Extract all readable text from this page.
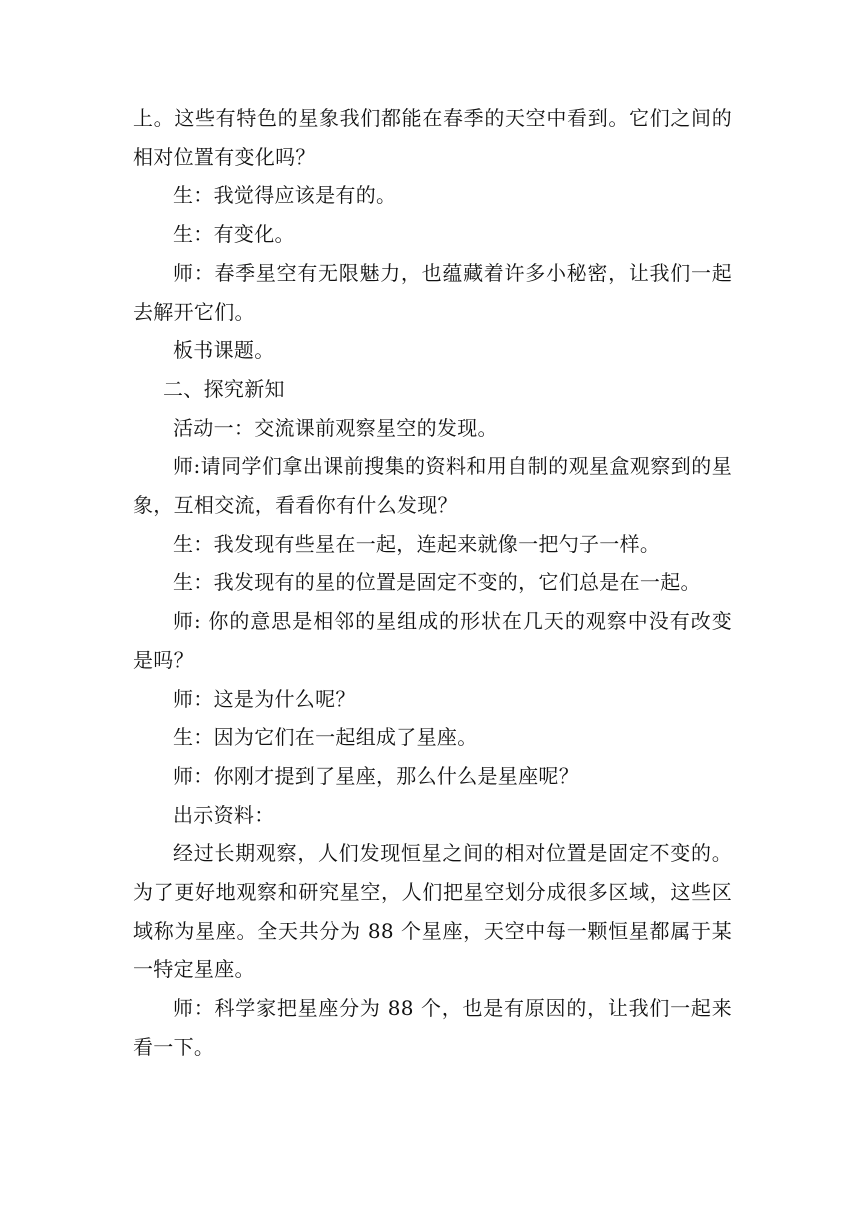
上。这些有特色的星象我们都能在春季的天空中看到。它们之间的相对位置有变化吗？

生：我觉得应该是有的。

生：有变化。

师：春季星空有无限魅力，也蕴藏着许多小秘密，让我们一起去解开它们。

板书课题。

二、探究新知

活动一：交流课前观察星空的发现。

师:请同学们拿出课前搜集的资料和用自制的观星盒观察到的星象，互相交流，看看你有什么发现？

生：我发现有些星在一起，连起来就像一把勺子一样。

生：我发现有的星的位置是固定不变的，它们总是在一起。

师: 你的意思是相邻的星组成的形状在几天的观察中没有改变是吗？

师：这是为什么呢？

生：因为它们在一起组成了星座。

师：你刚才提到了星座，那么什么是星座呢？

出示资料：

经过长期观察，人们发现恒星之间的相对位置是固定不变的。为了更好地观察和研究星空，人们把星空划分成很多区域，这些区域称为星座。全天共分为 88 个星座，天空中每一颗恒星都属于某一特定星座。

师：科学家把星座分为 88 个，也是有原因的，让我们一起来看一下。
